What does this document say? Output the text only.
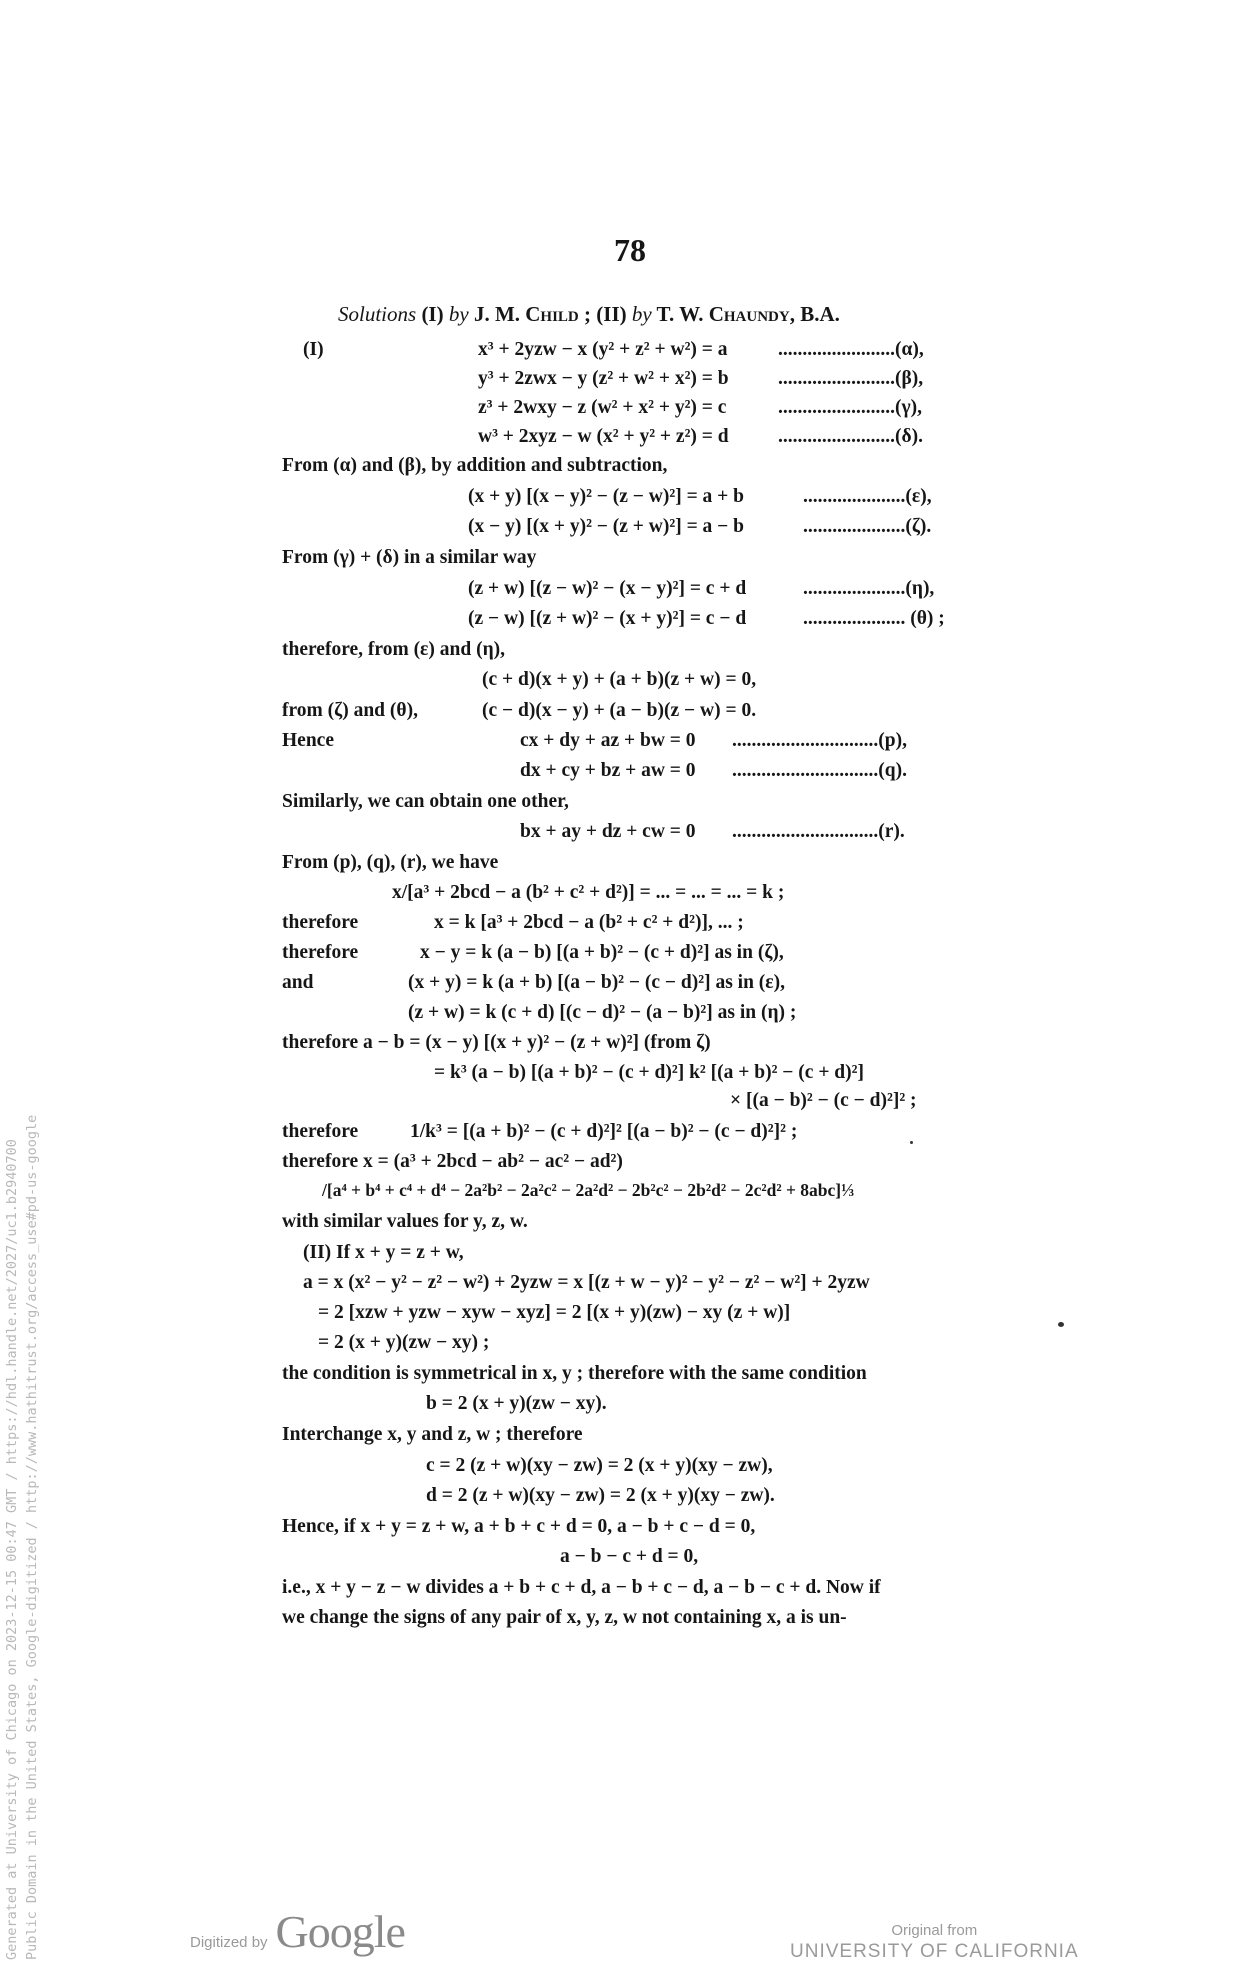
78
Solutions (I) by J. M. Child ; (II) by T. W. Chaundy, B.A.
(I)	x³ + 2yzw − x (y² + z² + w²) = a	........................(α),
y³ + 2zwx − y (z² + w² + x²) = b	........................(β),
z³ + 2wxy − z (w² + x² + y²) = c	........................(γ),
w³ + 2xyz − w (x² + y² + z²) = d	........................(δ).
From (α) and (β), by addition and subtraction,
(x + y) [(x − y)² − (z − w)²] = a + b	.....................(ε),
(x − y) [(x + y)² − (z + w)²] = a − b	.....................(ζ).
From (γ) + (δ) in a similar way
(z + w) [(z − w)² − (x − y)²] = c + d	.....................(η),
(z − w) [(z + w)² − (x + y)²] = c − d	..................... (θ) ;
therefore, from (ε) and (η),
(c + d)(x + y) + (a + b)(z + w) = 0,
from (ζ) and (θ),	(c − d)(x − y) + (a − b)(z − w) = 0.
Hence	cx + dy + az + bw = 0 ..............................(p),
dx + cy + bz + aw = 0 ..............................(q).
Similarly, we can obtain one other,
bx + ay + dz + cw = 0 ..............................(r).
From (p), (q), (r), we have
x/[a³ + 2bcd − a (b² + c² + d²)] = ... = ... = ... = k ;
therefore	x = k [a³ + 2bcd − a (b² + c² + d²)], ... ;
therefore	x − y = k (a − b) [(a + b)² − (c + d)²] as in (ζ),
and	(x + y) = k (a + b) [(a − b)² − (c − d)²] as in (ε),
(z + w) = k (c + d) [(c − d)² − (a − b)²] as in (η) ;
therefore a − b = (x − y) [(x + y)² − (z + w)²] (from ζ)
= k³ (a − b) [(a + b)² − (c + d)²] k² [(a + b)² − (c + d)²]
× [(a − b)² − (c − d)²]² ;
therefore	1/k³ = [(a + b)² − (c + d)²]² [(a − b)² − (c − d)²]² ;
therefore x = (a³ + 2bcd − ab² − ac² − ad²)
/[a⁴ + b⁴ + c⁴ + d⁴ − 2a²b² − 2a²c² − 2a²d² − 2b²c² − 2b²d² − 2c²d² + 8abc]⅓
with similar values for y, z, w.
(II) If x + y = z + w,
a = x (x² − y² − z² − w²) + 2yzw = x [(z + w − y)² − y² − z² − w²] + 2yzw
= 2 [xzw + yzw − xyw − xyz] = 2 [(x + y)(zw) − xy (z + w)]
= 2 (x + y)(zw − xy) ;
the condition is symmetrical in x, y ; therefore with the same condition
b = 2 (x + y)(zw − xy).
Interchange x, y and z, w ; therefore
c = 2 (z + w)(xy − zw) = 2 (x + y)(xy − zw),
d = 2 (z + w)(xy − zw) = 2 (x + y)(xy − zw).
Hence, if x + y = z + w, a + b + c + d = 0, a − b + c − d = 0,
a − b − c + d = 0,
i.e., x + y − z − w divides a + b + c + d, a − b + c − d, a − b − c + d. Now if
we change the signs of any pair of x, y, z, w not containing x, a is un-
Generated at University of Chicago on 2023-12-15 00:47 GMT / https://hdl.handle.net/2027/uc1.b2940700 Public Domain in the United States, Google-digitized / http://www.hathitrust.org/access_use#pd-us-google	Digitized by Google	Original from
UNIVERSITY OF CALIFORNIA
